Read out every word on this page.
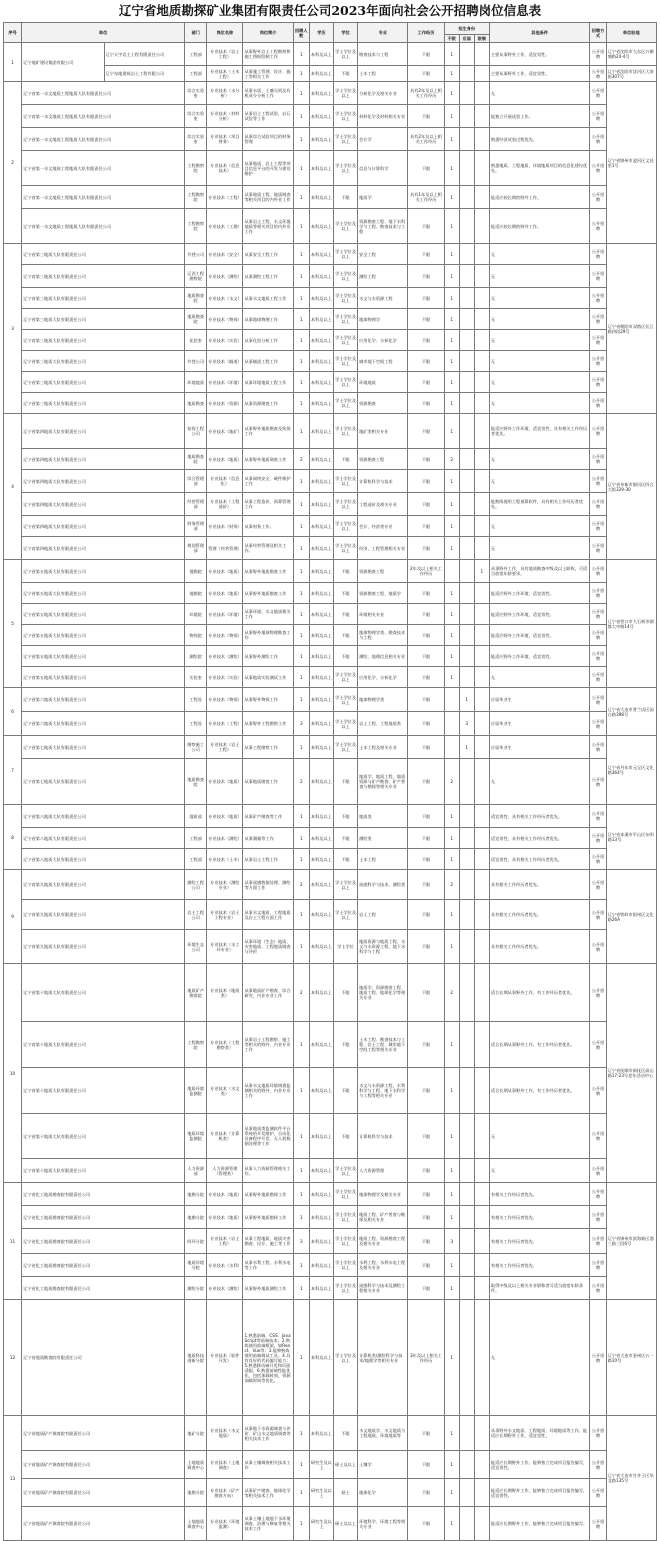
辽宁省地质勘探矿业集团有限责任公司2023年面向社会公开招聘岗位信息表
序号	单位		部门	岗位名称	岗位简介	招聘人数	学历	学位	专业	工作经历	招生身份			其他条件	招聘方式	单位驻地
											不限	应届	限制			
1	辽宁地矿建设集团有限公司	辽宁天宇岩土工程有限责任公司	工程部	专业技术（岩土工程）	从事野外岩土工程勘察和施工图纸绘制工作	1	本科及以上	学士学位及以上	勘查技术与工程	不限	1			主要从事野外工作，适宜男性。	公开招聘	辽宁省沈阳市大东区万柳塘路24-4号
		辽宁东地建筑岩土工程有限公司	工程部	专业技术（土木工程）	从事施工管理、设计、施工等相关工作	1	本科及以上	不限	土木工程	不限	1			主要从事野外工作，适宜男性。	公开招聘	辽宁省沈阳市沈河区大南街307号
2	辽宁省第一水文地质工程地质大队有限责任公司		综合实验室	专业技术（水分析）	从事水质、土壤无机及有机成分分析工作	1	本科及以上	学士学位及以上	分析化学及相关专业	具有2年及以上相关工作经历	1			无	公开招聘	辽宁省锦州市凌河区文昌里1号
	辽宁省第一水文地质工程地质大队有限责任公司		综合实验室	专业技术（材料分析）	从事岩土工程试验、岩石试验等工作	1	本科及以上	学士学位及以上	材料化学及材料相关专业	不限	1			能独立开展试验工作。	公开招聘	
	辽宁省第一水文地质工程地质大队有限责任公司		综合实验室	专业技术（项目财务）	从事综合试验项目的财务管理	1	本科及以上	学士学位及以上	会计学	具有2年及以上相关工作经历	1			熟悉经济试验过程优先。	公开招聘	
	辽宁省第一水文地质工程地质大队有限责任公司		工程勘察院	专业技术（信息技术）	从事地质、岩土工程等项目信息平台的开发与建设维护	1	本科及以上	学士学位及以上	信息与计算科学	不限	1			熟悉地质、工程地质、环境地质项目的信息化建设优先。	公开招聘	
	辽宁省第一水文地质工程地质大队有限责任公司		工程勘察院	专业技术（工程）	从事地质工程、地质调查等相关项目的内外业工作	1	本科及以上	不限	地质学	具有1年及以上相关工作经历	1			能适应较长期的野外工作。	公开招聘	
	辽宁省第一水文地质工程地质大队有限责任公司		工程勘察院	专业技术（工勘）	从事岩土工程、水文环境地质等相关项目的内外业工作	1	本科及以上	学士学位及以上	资源勘查工程、地下水科学与工程、勘查技术与工程	不限	1			能适应较长期的野外工作。	公开招聘	
3	辽宁省第三地质大队有限责任公司		井巷公司	专业技术（安全）	从事安全工程工作	1	本科及以上	学士学位及以上	安全工程	不限	1			无	公开招聘	辽宁省朝阳市双塔区长江路四段29号
	辽宁省第三地质大队有限责任公司		辽西工程勘察院	专业技术（测绘）	从事测绘工程工作	1	本科及以上	学士学位及以上	测绘工程	不限	1			无	公开招聘	
	辽宁省第三地质大队有限责任公司		地质勘查院	专业技术（水文）	从事水文地质工程工作	1	本科及以上	学士学位及以上	水文与水资源工程	不限	1			无	公开招聘	
	辽宁省第三地质大队有限责任公司		地质勘查院	专业技术（物探）	从事地球物理工作	1	本科及以上	学士学位及以上	地球物理学	不限	1			无	公开招聘	
	辽宁省第三地质大队有限责任公司		化验室	专业技术（实验）	从事化验分析工作	1	本科及以上	学士学位及以上	应用化学、分析化学	不限	1			无	公开招聘	
	辽宁省第三地质大队有限责任公司		井巷公司	专业技术（隧道）	从事隧道工程工作	1	本科及以上	学士学位及以上	城市地下空间工程	不限	1			无	公开招聘	
	辽宁省第三地质大队有限责任公司		环境地质	专业技术（环境）	从事环境地质工程工作	1	本科及以上	学士学位及以上	环境地质	不限	1			无	公开招聘	
	辽宁省第三地质大队有限责任公司		地质勘查	专业技术（资源）	从事资源勘查工作	1	本科及以上	学士学位及以上	资源勘查	不限	1			无	公开招聘	
4	辽宁省第四地质大队有限责任公司		钻探工程公司	专业技术（地矿）	从事野外地质勘查及钻探工作	1	本科及以上	学士学位及以上	地矿类相关专业	不限	1			能适应野外工作环境，适宜男性，具有相关工作经历者优先。	公开招聘	辽宁省阜新市细河区四合大街329-30
	辽宁省第四地质大队有限责任公司		地质勘查院	专业技术（地质）	从事野外地质调查工作	2	本科及以上	不限	资源勘查工程	不限	2			无	公开招聘	
	辽宁省第四地质大队有限责任公司		综合管理部	专业技术（信息化）	从事网络安全、硬件维护工作	1	本科及以上	学士学位及以上	计算机科学与技术	不限	1			无	公开招聘	
	辽宁省第四地质大队有限责任公司		经营管理部	专业技术（工程造价）	从事工程造价、预算管理工作	1	本科及以上	学士学位及以上	工程造价及相关专业	不限	1			能熟练使用工程预算软件，具有相关工作经历者优先。	公开招聘	
	辽宁省第四地质大队有限责任公司		财务管理部	专业技术（财务）	从事财务工作。	1	本科及以上	学士学位及以上	会计、经济类专业	不限	1			无	公开招聘	
	辽宁省第四地质大队有限责任公司		规划管理部	管理（经营管理）	从事经营管理及相关工作。	1	本科及以上	学士学位及以上	经济、工程管理相关专业	不限	1			无	公开招聘	
5	辽宁省第五地质大队有限责任公司		地勘院	专业技术（地质）	从事野外地质勘查工作	1	本科及以上	不限	资源勘查工程	2年及以上相关工作经历			1	从事野外工作，具有地质勘查中级及以上职称，可适当放宽年龄要求。	公开招聘	辽宁省营口市大石桥市钢都大中路14号
	辽宁省第五地质大队有限责任公司		地勘院	专业技术（地质）	从事野外地质勘查工作	1	本科及以上	不限	资源勘查工程、地质学	不限	1			能适应野外工作环境，适宜男性。	公开招聘	
	辽宁省第五地质大队有限责任公司		环境院	专业技术（环境）	从事环境、水文地质相关工作	1	本科及以上	不限	环境相关专业	不限	1			能适应野外工作环境，适宜男性。	公开招聘	
	辽宁省第五地质大队有限责任公司		物探院	专业技术（物探）	从事野外地球物理勘查工作	1	本科及以上	不限	地球物理学类、勘查技术与工程	不限	1			能适应野外工作环境，适宜男性。	公开招聘	
	辽宁省第五地质大队有限责任公司		测绘院	专业技术（测绘）	从事野外测绘工作	1	本科及以上	不限	测绘、地理信息相关专业	不限	1			能适应野外工作环境，适宜男性。	公开招聘	
	辽宁省第五地质大队有限责任公司		实验室	专业技术（实验）	从事地质实验测试工作	1	本科及以上	学士学位及以上	应用化学、分析化学	不限	1			无	公开招聘	
6	辽宁省第六地质大队有限责任公司		工程处	专业技术（物探）	从事野外物探工作	1	本科及以上	学士学位及以上	地球物理学类	不限		1		应届毕业生	公开招聘	辽宁省大连市普兰店区园台路398号
	辽宁省第六地质大队有限责任公司		工程处	专业技术（工程）	从事野外工程勘察工作	3	本科及以上	学士学位及以上	岩土工程、工程地质类	不限		3		应届毕业生	公开招聘	
7	辽宁省第七地质大队有限责任公司		勘察施工公司	专业技术（岩土工程）	从事工程勘察工作	1	本科及以上	学士学位及以上	土木工程及相关专业	不限		1		应届毕业生	公开招聘	辽宁省丹东市元宝区文化路364号
	辽宁省第七地质大队有限责任公司		地质勘查院	专业技术（地质）	从事地质勘查工作	2	本科及以上	不限	地质学、地质工程、地质资源与矿产勘查、矿产普查与勘探等相关专业	不限	2			无	公开招聘	
8	辽宁省第八地质大队有限责任公司		地质部	专业技术（地质）	从事矿产勘查等工作	1	本科及以上	不限	地质类	不限	1			适宜男性，具有相关工作经历者优先。	公开招聘	辽宁省本溪市平山区东明路13号
	辽宁省第八地质大队有限责任公司		工程部	专业技术（测绘）	从事测量等工作	1	本科及以上	不限	测绘类	不限	1			适宜男性，具有相关工作经历者优先。	公开招聘	
	辽宁省第八地质大队有限责任公司		工程部	专业技术（土木）	从事岩土工程工作	1	本科及以上	不限	土木工程	不限	1			适宜男性，具有相关工作经历者优先。	公开招聘	
9	辽宁省第九地质大队有限责任公司		测绘工程公司	专业技术（测绘专业）	从事遥感数据处理、测绘等方面工作	2	本科及以上	学士学位及以上	遥感科学与技术、测绘类	不限	2			具有相关工作经历者优先。	公开招聘	辽宁省铁岭市银州区文化路26A
	辽宁省第九地质大队有限责任公司		岩土工程公司	专业技术（岩土工程专业）	从事水文地质、工程地质及岩土工程方面工作	1	本科及以上	学士学位及以上	岩土工程	不限	1			具有相关工作经历者优先。	公开招聘	
	辽宁省第九地质大队有限责任公司		环境生态公司	专业技术（水工环专业）	从事环境（生态）地质、灾害地质、工程地质调查与评价	1	本科及以上	学士学位	地质资源与地质工程、水文与水资源工程、地下水科学与工程	不限	1			具有相关工作经历者优先。	公开招聘	
10	辽宁省第十地质大队有限责任公司		地质矿产勘查院	专业技术（地质类）	从事地质矿产勘查、综合研究、内业专业工作	2	本科及以上	不限	地质学、资源勘查工程、地质工程、地球化学等相关专业	不限	2			适合长期从事野外工作，有工作经历者优先。	公开招聘	辽宁省抚顺市新抚区高山路17-23号老年活动中心
	辽宁省第十地质大队有限责任公司		工程勘察院	专业技术（工程勘察类）	从事岩土工程勘察、施工等相关的野外、内业专业工作	1	本科及以上	不限	土木工程、勘查技术与工程、岩土工程、城市地下空间工程等相关专业	不限	1			适合长期从事野外工作，有工作经历者优先。	公开招聘	
	辽宁省第十地质大队有限责任公司		地质环境监测院	专业技术（水文类）	从事水文地质环境调查监测相关的野外、内业专业工作	1	本科及以上	不限	水文与水资源工程、水利科学与工程、地下水科学与工程等相关专业	不限	1			适合长期从事野外工作，有工作经历者优先。	公开招聘	
	辽宁省第十地质大队有限责任公司		地质环境监测院	专业技术（计算机类）	从事地质类监测软件平台系统的开发维护、自动化设备程序开发、无人机数据处理等工作	1	本科及以上	不限	计算机科学与技术	不限	1			无	公开招聘	
	辽宁省第十地质大队有限责任公司		人力资源部	人力资源管理（管理类）	从事人力资源管理相关工作。	1	本科及以上	学士学位及以上	人力资源管理	不限	1			无	公开招聘	
11	辽宁省化工地质勘查院有限责任公司		地勘分院	专业技术（地质）	从事野外地质勘探工作	1	本科及以上	学士学位及以上	地球物理学及相关专业	不限	1			有相关工作经历者优先。	公开招聘	辽宁省锦州市滨海新区渤三路三段6号
	辽宁省化工地质勘查院有限责任公司		地勘分院	专业技术（地质）	从事野外地质勘探工作	1	本科及以上	学士学位及以上	地质工程、矿产普查与勘探及相关专业	不限	1			有相关工作经历者优先。	公开招聘	
	辽宁省化工地质勘查院有限责任公司		四环分院	专业技术（岩土工程）	从事工程地质、地质灾害勘查、设计、施工等工作	3	本科及以上	学士学位及以上	地质工程、资源勘查工程及相关专业	不限	3			有相关工作经历者优先。	公开招聘	
	辽宁省化工地质勘查院有限责任公司		地质环境分院	专业技术（水利）	从事水利工程、水利水电等工作	1	本科及以上	学士学位及以上	水利工程、水利水电工程及相关专业	不限	1			有相关工作经历者优先。	公开招聘	
	辽宁省化工地质勘查院有限责任公司		测绘分院	专业技术（测绘）	从事野外地质测绘工作	1	本科及以上	学士学位及以上	遥感科学与技术及测绘工程相关专业	不限	1			取得中级及以上相关专业职称者可适当放宽年龄条件。	公开招聘	
12	辽宁省地质勘查院有限责任公司		地质科技创新分院	专业技术（软件开发）	1.熟悉前端、CSS、JavaScript等前端技术；2.熟练使用前端框架，如React、Vue等；3.能够熟练使用前端调试工具；4.具有良好的代码编写能力；5.熟悉移动端开发和页面适配；6.熟悉前端性能优化，包括加载时间、资源加载时间等优化。	1	本科及以上	学士学位及以上	计算机类/测绘科学与技术/地理学等相关专业	3年及以上相关工作经历	1			无	公开招聘	辽宁省大连市金州区五一路10号
13	辽宁省地质矿产调查院有限责任公司		地矿分院	专业技术（水文地质）	从事地下水资源调查与评价、矿山水文地质调查等相关技术工作	1	本科及以上	不限	水文地质学、水文地质与工程地质、环境地质等	不限	1			从事野外水文地质、工程地质、环境地质等工作，能适应长期野外工作，适宜男性。	公开招聘	辽宁省大连市甘井子区华北路135号
	辽宁省地质矿产调查院有限责任公司		土地地质调查中心	专业技术（土地调查）	从事土壤调查相关技术工作	1	研究生及以上	硕士及以上	土壤学	不限	1			能适应长期野外工作，能够独立完成项目报告编写，适宜男性。	公开招聘	
	辽宁省地质矿产调查院有限责任公司		地勘分院	专业技术（矿产勘查方向）	从事矿产勘查、地球化学等相关技术工作	1	研究生及以上	硕士	地球化学	不限	1			能适应长期野外工作，能够独立完成项目报告编写，适宜男性。	公开招聘	
	辽宁省地质矿产调查院有限责任公司		土地地质调查中心	专业技术（环境监测）	从事土壤土地地下水环境调查、治理与修复等相关技术工作	1	研究生及以上	硕士及以上	环境科学、环境工程等相关专业	不限	1			能适应长期野外工作，能够独立完成项目报告编写。	公开招聘	
